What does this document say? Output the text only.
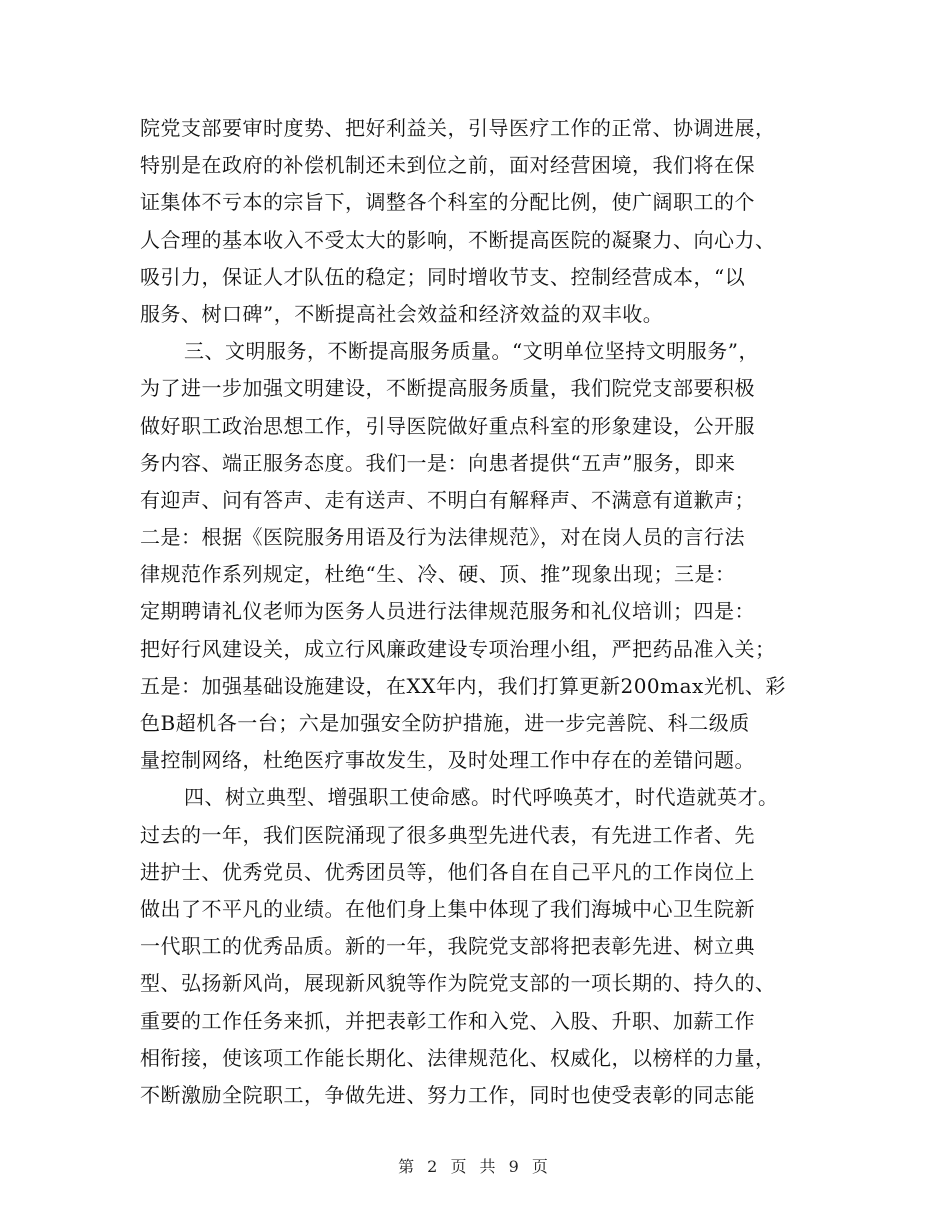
院党支部要审时度势、把好利益关，引导医疗工作的正常、协调进展，
特别是在政府的补偿机制还未到位之前，面对经营困境，我们将在保
证集体不亏本的宗旨下，调整各个科室的分配比例，使广阔职工的个
人合理的基本收入不受太大的影响，不断提高医院的凝聚力、向心力、
吸引力，保证人才队伍的稳定；同时增收节支、控制经营成本，“以
服务、树口碑”，不断提高社会效益和经济效益的双丰收。
三、文明服务，不断提高服务质量。“文明单位坚持文明服务”，
为了进一步加强文明建设，不断提高服务质量，我们院党支部要积极
做好职工政治思想工作，引导医院做好重点科室的形象建设，公开服
务内容、端正服务态度。我们一是：向患者提供“五声”服务，即来
有迎声、问有答声、走有送声、不明白有解释声、不满意有道歉声；
二是：根据《医院服务用语及行为法律规范》，对在岗人员的言行法
律规范作系列规定，杜绝“生、冷、硬、顶、推”现象出现；三是：
定期聘请礼仪老师为医务人员进行法律规范服务和礼仪培训；四是：
把好行风建设关，成立行风廉政建设专项治理小组，严把药品准入关；
五是：加强基础设施建设，在XX年内，我们打算更新200max光机、彩
色B超机各一台；六是加强安全防护措施，进一步完善院、科二级质
量控制网络，杜绝医疗事故发生，及时处理工作中存在的差错问题。
四、树立典型、增强职工使命感。时代呼唤英才，时代造就英才。
过去的一年，我们医院涌现了很多典型先进代表，有先进工作者、先
进护士、优秀党员、优秀团员等，他们各自在自己平凡的工作岗位上
做出了不平凡的业绩。在他们身上集中体现了我们海城中心卫生院新
一代职工的优秀品质。新的一年，我院党支部将把表彰先进、树立典
型、弘扬新风尚，展现新风貌等作为院党支部的一项长期的、持久的、
重要的工作任务来抓，并把表彰工作和入党、入股、升职、加薪工作
相衔接，使该项工作能长期化、法律规范化、权威化，以榜样的力量，
不断激励全院职工，争做先进、努力工作，同时也使受表彰的同志能
第 2 页 共 9 页
